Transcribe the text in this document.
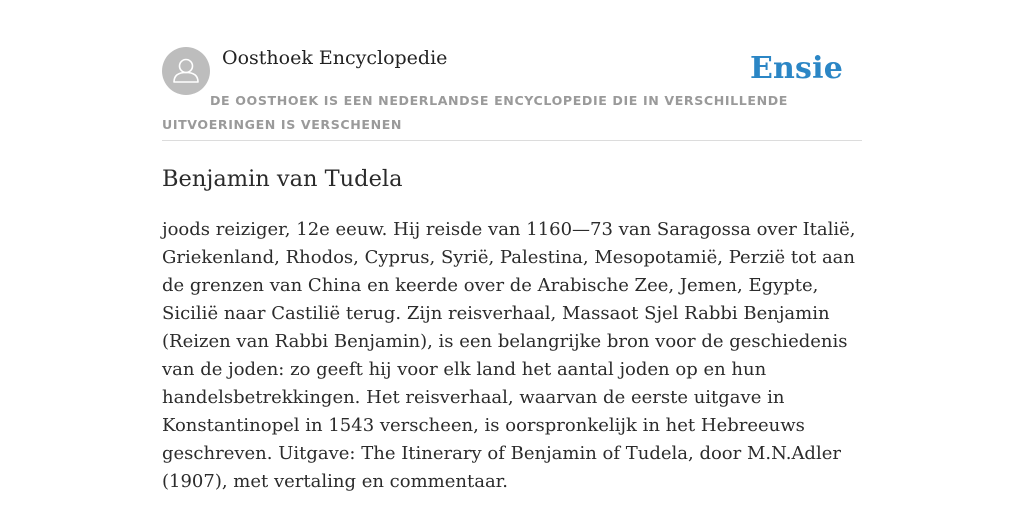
Oosthoek Encyclopedie	Ensie
DE OOSTHOEK IS EEN NEDERLANDSE ENCYCLOPEDIE DIE IN VERSCHILLENDE UITVOERINGEN IS VERSCHENEN
Benjamin van Tudela

joods reiziger, 12e eeuw. Hij reisde van 1160—73 van Saragossa over Italië, Griekenland, Rhodos, Cyprus, Syrië, Palestina, Mesopotamië, Perzië tot aan de grenzen van China en keerde over de Arabische Zee, Jemen, Egypte, Sicilië naar Castilië terug. Zijn reisverhaal, Massaot Sjel Rabbi Benjamin (Reizen van Rabbi Benjamin), is een belangrijke bron voor de geschiedenis van de joden: zo geeft hij voor elk land het aantal joden op en hun handelsbetrekkingen. Het reisverhaal, waarvan de eerste uitgave in Konstantinopel in 1543 verscheen, is oorspronkelijk in het Hebreeuws geschreven. Uitgave: The Itinerary of Benjamin of Tudela, door M.N.Adler (1907), met vertaling en commentaar.
